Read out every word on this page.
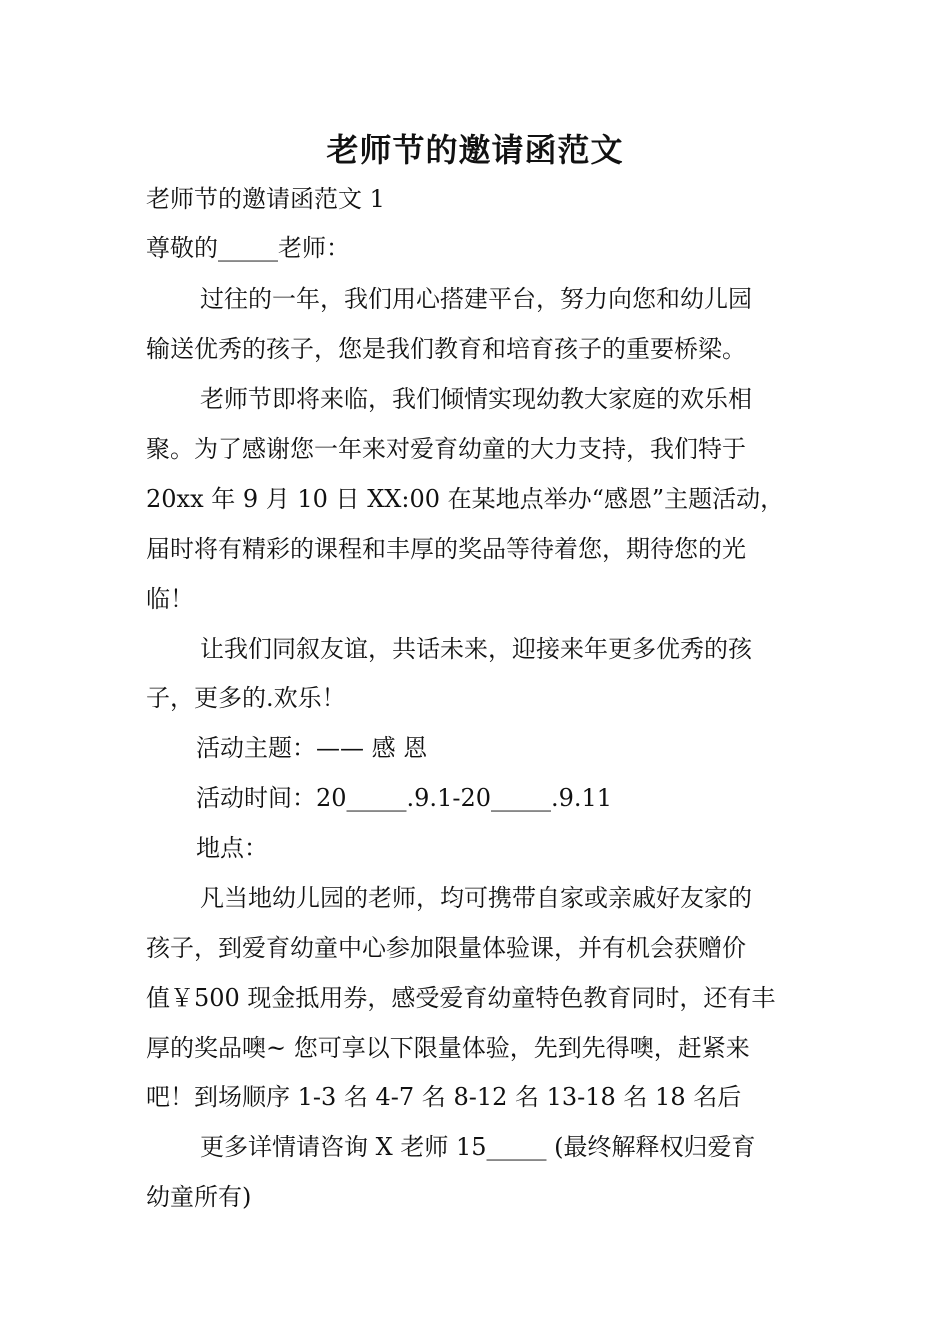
老师节的邀请函范文
老师节的邀请函范文 1
尊敬的_____老师：
过往的一年，我们用心搭建平台，努力向您和幼儿园
输送优秀的孩子，您是我们教育和培育孩子的重要桥梁。
老师节即将来临，我们倾情实现幼教大家庭的欢乐相
聚。为了感谢您一年来对爱育幼童的大力支持，我们特于
20xx 年 9 月 10 日 XX:00 在某地点举办“感恩”主题活动，
届时将有精彩的课程和丰厚的奖品等待着您，期待您的光
临！
让我们同叙友谊，共话未来，迎接来年更多优秀的孩
子，更多的.欢乐！
活动主题：—— 感 恩
活动时间：20_____.9.1-20_____.9.11
地点：
凡当地幼儿园的老师，均可携带自家或亲戚好友家的
孩子，到爱育幼童中心参加限量体验课，并有机会获赠价
值￥500 现金抵用券，感受爱育幼童特色教育同时，还有丰
厚的奖品噢~ 您可享以下限量体验，先到先得噢，赶紧来
吧！到场顺序 1-3 名 4-7 名 8-12 名 13-18 名 18 名后
更多详情请咨询 X 老师 15_____ (最终解释权归爱育
幼童所有)
